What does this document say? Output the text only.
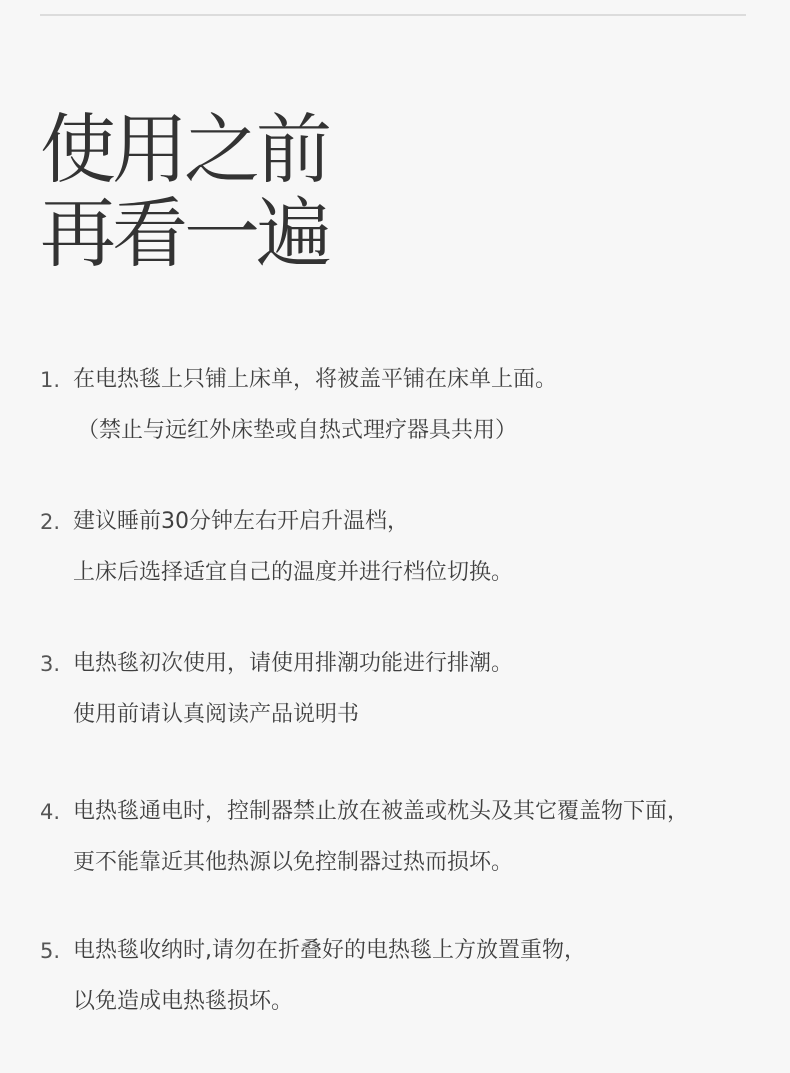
使用之前
再看一遍
1. 在电热毯上只铺上床单，将被盖平铺在床单上面。
（禁止与远红外床垫或自热式理疗器具共用）
2. 建议睡前30分钟左右开启升温档，
上床后选择适宜自己的温度并进行档位切换。
3. 电热毯初次使用，请使用排潮功能进行排潮。
使用前请认真阅读产品说明书
4. 电热毯通电时，控制器禁止放在被盖或枕头及其它覆盖物下面，
更不能靠近其他热源以免控制器过热而损坏。
5. 电热毯收纳时,请勿在折叠好的电热毯上方放置重物，
以免造成电热毯损坏。
